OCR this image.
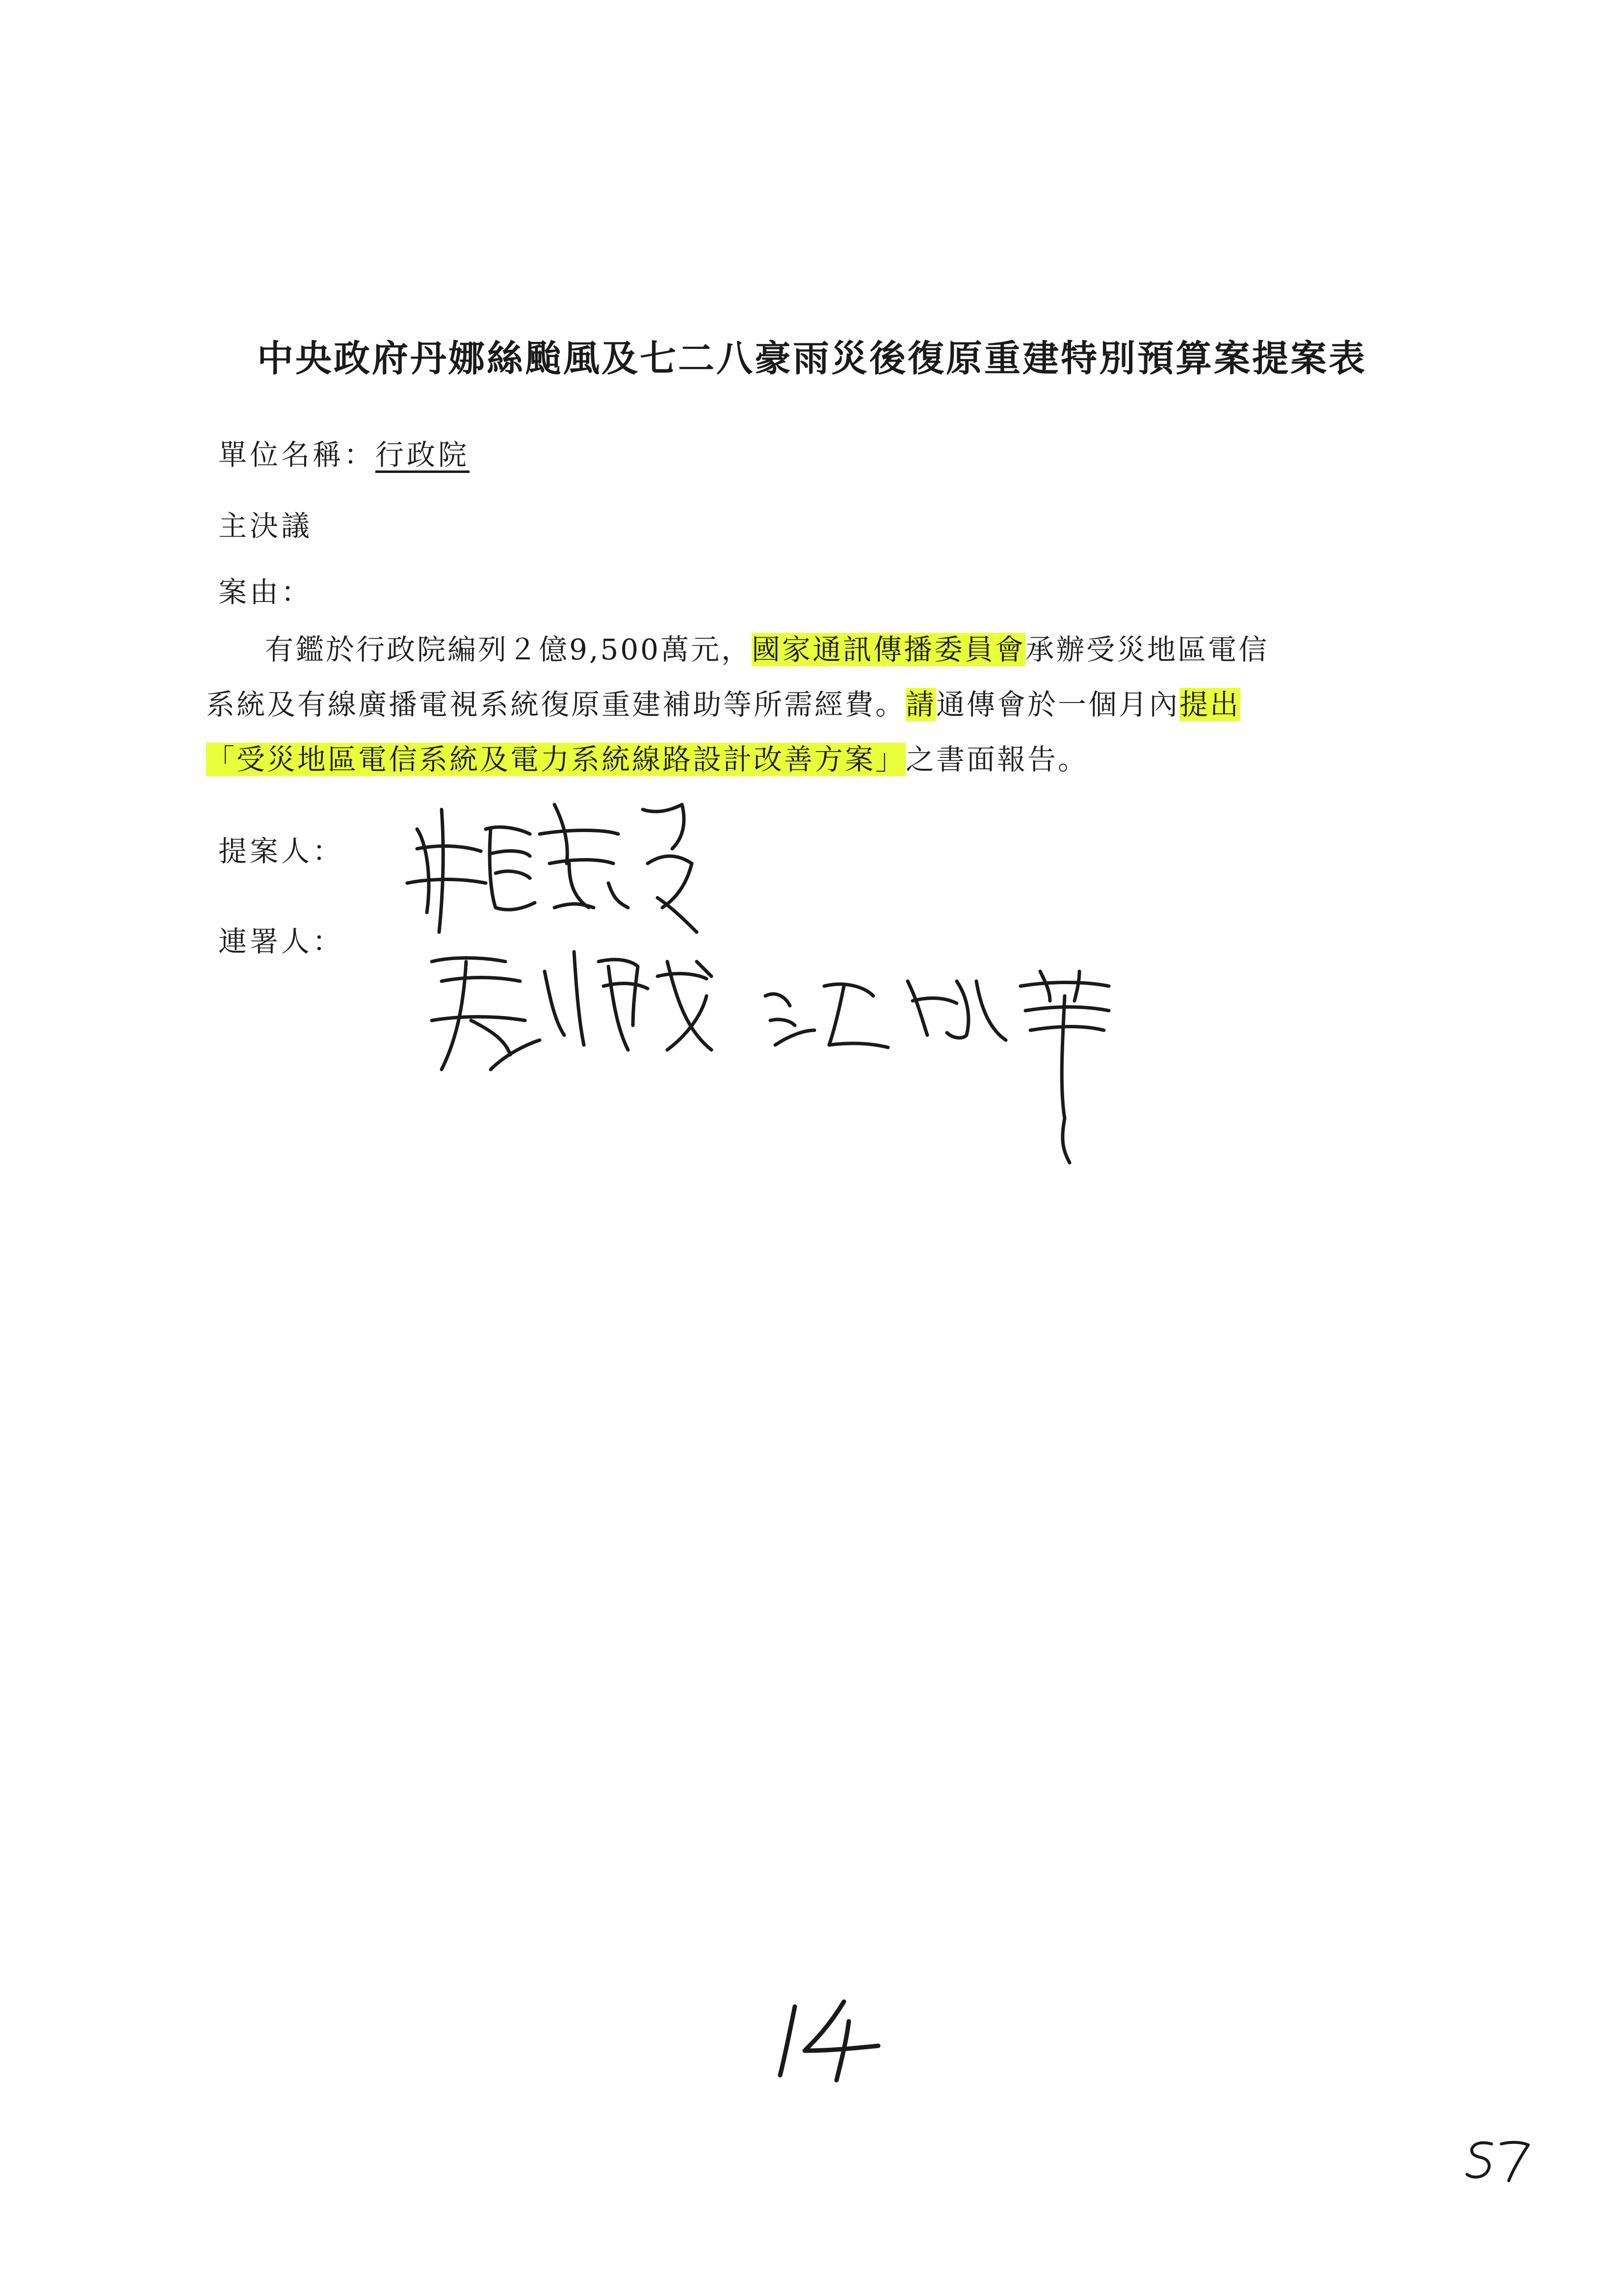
中央政府丹娜絲颱風及七二八豪雨災後復原重建特別預算案提案表
單位名稱：行政院
主決議
案由：
有鑑於行政院編列２億9,500萬元，國家通訊傳播委員會承辦受災地區電信
系統及有線廣播電視系統復原重建補助等所需經費。請通傳會於一個月內提出
「受災地區電信系統及電力系統線路設計改善方案」之書面報告。
提案人：
連署人：
